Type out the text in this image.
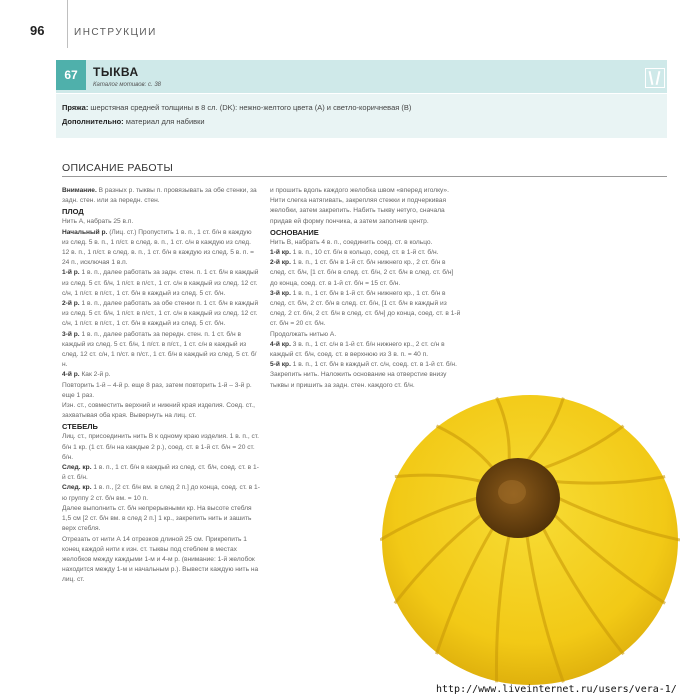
96	ИНСТРУКЦИИ
67	ТЫКВА
Каталог мотивов: с. 38
Пряжа: шерстяная средней толщины в 8 сл. (DK): нежно-желтого цвета (А) и светло-коричневая (В)
Дополнительно: материал для набивки
ОПИСАНИЕ РАБОТЫ

Внимание. В разных р. тыквы п. провязывать за обе стенки, за задн. стен. или за передн. стен.

ПЛОД

Нить А, набрать 25 в.п.

Начальный р. (Лиц. ст.) Пропустить 1 в. п., 1 ст. б/н в каждую из след. 5 в. п., 1 п/ст. в след. в. п., 1 ст. с/н в каждую из след. 12 в. п., 1 п/ст. в след. в. п., 1 ст. б/н в каждую из след. 5 в. п. = 24 п., исключая 1 в.п.

1-й р. 1 в. п., далее работать за задн. стен. п. 1 ст. б/н в каждый из след. 5 ст. б/н, 1 п/ст. в п/ст., 1 ст. с/н в каждый из след. 12 ст. с/н, 1 п/ст. в п/ст., 1 ст. б/н в каждый из след. 5 ст. б/н.

2-й р. 1 в. п., далее работать за обе стенки п. 1 ст. б/н в каждый из след. 5 ст. б/н, 1 п/ст. в п/ст., 1 ст. с/н в каждый из след. 12 ст. с/н, 1 п/ст. в п/ст., 1 ст. б/н в каждый из след. 5 ст. б/н.

3-й р. 1 в. п., далее работать за передн. стен. п. 1 ст. б/н в каждый из след. 5 ст. б/н, 1 п/ст. в п/ст., 1 ст. с/н в каждый из след. 12 ст. с/н, 1 п/ст. в п/ст., 1 ст. б/н в каждый из след. 5 ст. б/н.

4-й р. Как 2-й р.

Повторить 1-й – 4-й р. еще 8 раз, затем повторить 1-й – 3-й р. еще 1 раз.

Изн. ст., совместить верхний и нижний края изделия. Соед. ст., захватывая оба края. Вывернуть на лиц. ст.

СТЕБЕЛЬ

Лиц. ст., присоединить нить В к одному краю изделия. 1 в. п., ст. б/н 1 кр. (1 ст. б/н на каждые 2 р.), соед. ст. в 1-й ст. б/н = 20 ст. б/н.

След. кр. 1 в. п., 1 ст. б/н в каждый из след. ст. б/н, соед. ст. в 1-й ст. б/н.

След. кр. 1 в. п., [2 ст. б/н вм. в след 2 п.] до конца, соед. ст. в 1-ю группу 2 ст. б/н вм. = 10 п.

Далее выполнить ст. б/н непрерывными кр. На высоте стебля 1,5 см [2 ст. б/н вм. в след 2 п.] 1 кр., закрепить нить и зашить верх стебля.

Отрезать от нити А 14 отрезков длиной 25 см. Прикрепить 1 конец каждой нити к изн. ст. тыквы под стеблем в местах желобков между каждыми 1-м и 4-м р. (внимание: 1-й желобок находится между 1-м и начальным р.). Вывести каждую нить на лиц. ст.

и прошить вдоль каждого желобка швом «вперед иголку». Нити слегка натягивать, закрепляя стежки и подчеркивая желобки, затем закрепить. Набить тыкву нетуго, сначала придав ей форму пончика, а затем заполнив центр.

ОСНОВАНИЕ

Нить В, набрать 4 в. п., соединить соед. ст. в кольцо.

1-й кр. 1 в. п., 10 ст. б/н в кольцо, соед. ст. в 1-й ст. б/н.

2-й кр. 1 в. п., 1 ст. б/н в 1-й ст. б/н нижнего кр., 2 ст. б/н в след. ст. б/н, [1 ст. б/н в след. ст. б/н, 2 ст. б/н в след. ст. б/н] до конца, соед. ст. в 1-й ст. б/н = 15 ст. б/н.

3-й кр. 1 в. п., 1 ст. б/н в 1-й ст. б/н нижнего кр., 1 ст. б/н в след. ст. б/н, 2 ст. б/н в след. ст. б/н, [1 ст. б/н в каждый из след. 2 ст. б/н, 2 ст. б/н в след. ст. б/н] до конца, соед. ст. в 1-й ст. б/н = 20 ст. б/н.

Продолжать нитью А.

4-й кр. 3 в. п., 1 ст. с/н в 1-й ст. б/н нижнего кр., 2 ст. с/н в каждый ст. б/н, соед. ст. в верхнюю из 3 в. п. = 40 п.

5-й кр. 1 в. п., 1 ст. б/н в каждый ст. с/н, соед. ст. в 1-й ст. б/н. Закрепить нить. Наложить основание на отверстие внизу тыквы и пришить за задн. стен. каждого ст. б/н.

http://www.liveinternet.ru/users/vera-1/
